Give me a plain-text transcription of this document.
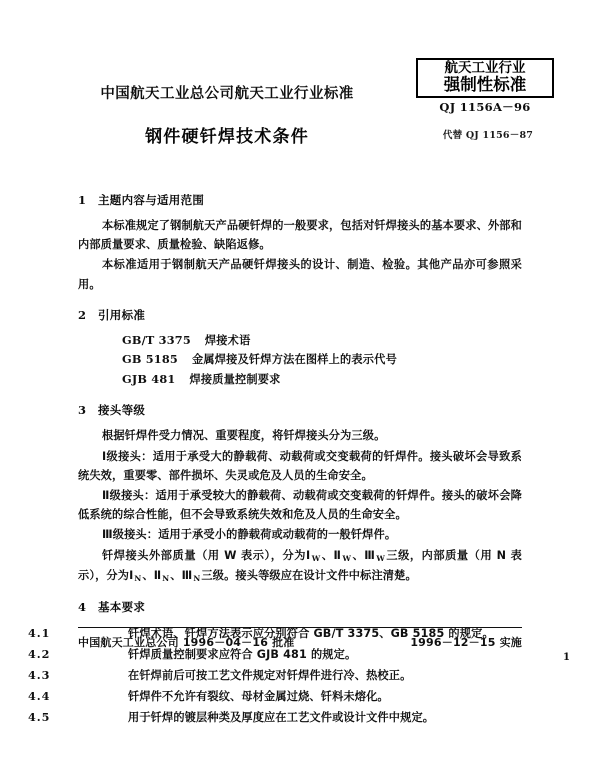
中国航天工业总公司航天工业行业标准
钢件硬钎焊技术条件
航天工业行业
强制性标准
QJ 1156A－96
代替 QJ 1156－87
1 主题内容与适用范围

本标准规定了钢制航天产品硬钎焊的一般要求，包括对钎焊接头的基本要求、外部和内部质量要求、质量检验、缺陷返修。

本标准适用于钢制航天产品硬钎焊接头的设计、制造、检验。其他产品亦可参照采用。

2 引用标准
GB/T 3375 焊接术语
GB 5185 金属焊接及钎焊方法在图样上的表示代号
GJB 481 焊接质量控制要求
3 接头等级

根据钎焊件受力情况、重要程度，将钎焊接头分为三级。

Ⅰ级接头：适用于承受大的静载荷、动载荷或交变载荷的钎焊件。接头破坏会导致系统失效，重要零、部件损坏、失灵或危及人员的生命安全。

Ⅱ级接头：适用于承受较大的静载荷、动载荷或交变载荷的钎焊件。接头的破坏会降低系统的综合性能，但不会导致系统失效和危及人员的生命安全。

Ⅲ级接头：适用于承受小的静载荷或动载荷的一般钎焊件。

钎焊接头外部质量（用 W 表示），分为$Ⅰ_W$、$Ⅱ_W$、$Ⅲ_W$三级，内部质量（用 N 表示），分为$Ⅰ_N$、$Ⅱ_N$、$Ⅲ_N$三级。接头等级应在设计文件中标注清楚。

4 基本要求

4.1	钎焊术语、钎焊方法表示应分别符合 GB/T 3375、GB 5185 的规定。

4.2	钎焊质量控制要求应符合 GJB 481 的规定。

4.3	在钎焊前后可按工艺文件规定对钎焊件进行冷、热校正。

4.4	钎焊件不允许有裂纹、母材金属过烧、钎料未熔化。

4.5	用于钎焊的镀层种类及厚度应在工艺文件或设计文件中规定。

中国航天工业总公司 1996－04－16 批准	1996－12－15 实施
1
